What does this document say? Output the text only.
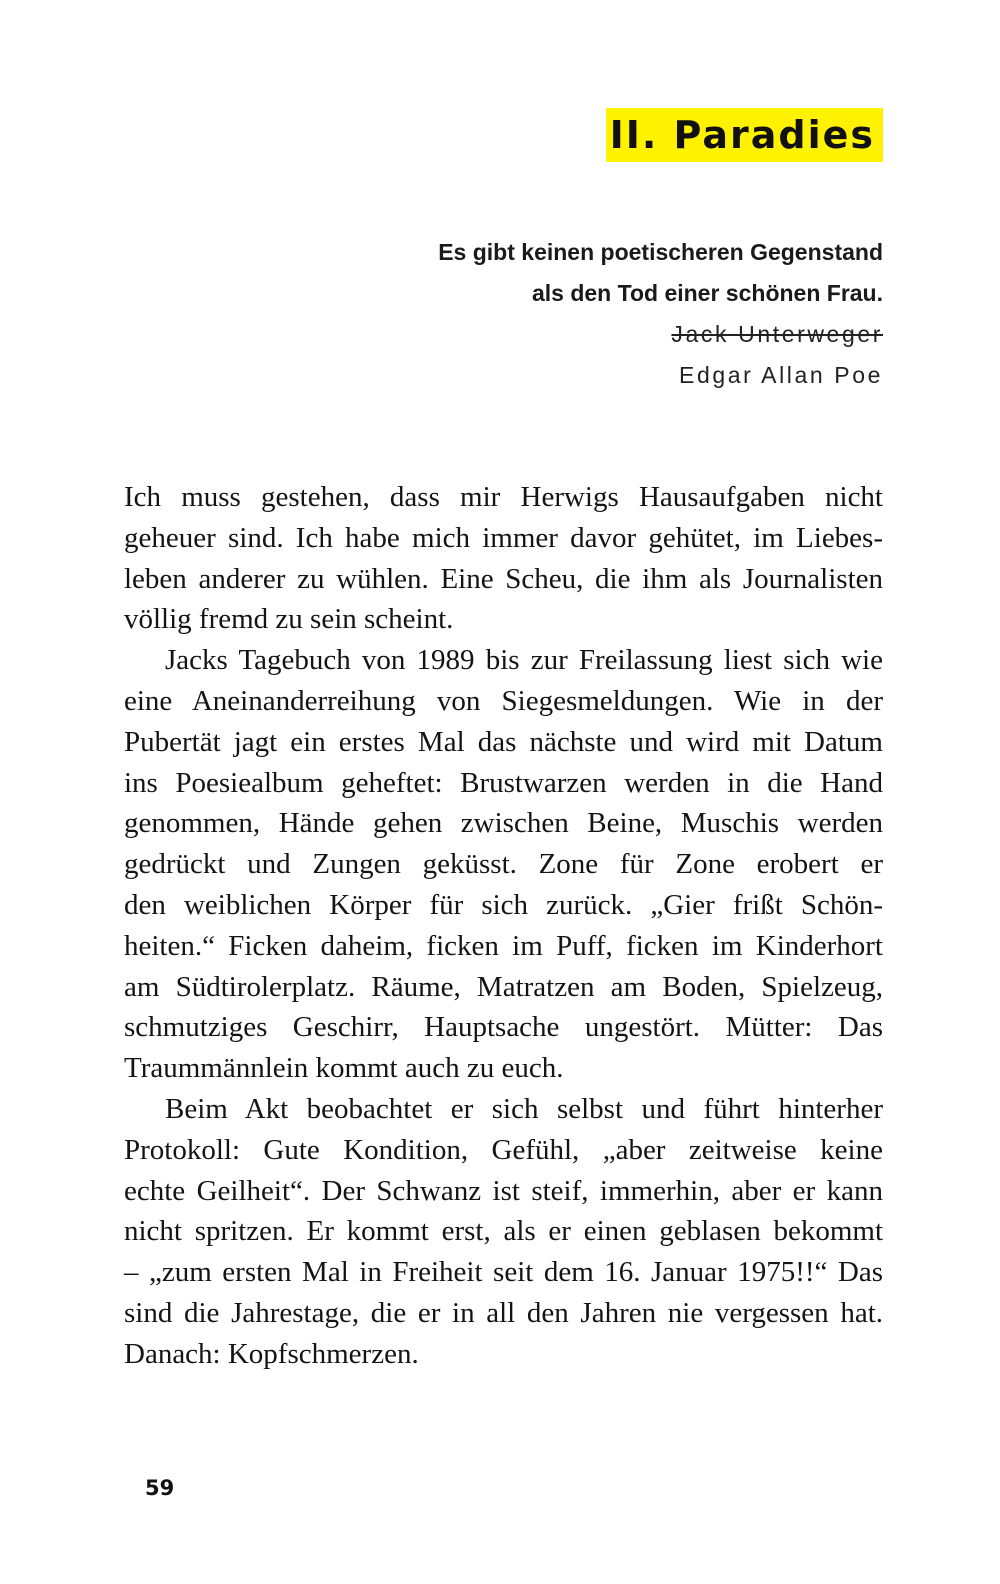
II. Paradies
Es gibt keinen poetischeren Gegenstand
als den Tod einer schönen Frau.
Jack Unterweger
Edgar Allan Poe

Ich muss gestehen, dass mir Herwigs Hausaufgaben nicht
geheuer sind. Ich habe mich immer davor gehütet, im Liebes-
leben anderer zu wühlen. Eine Scheu, die ihm als Journalisten
völlig fremd zu sein scheint.

Jacks Tagebuch von 1989 bis zur Freilassung liest sich wie
eine Aneinanderreihung von Siegesmeldungen. Wie in der
Pubertät jagt ein erstes Mal das nächste und wird mit Datum
ins Poesiealbum geheftet: Brustwarzen werden in die Hand
genommen, Hände gehen zwischen Beine, Muschis werden
gedrückt und Zungen geküsst. Zone für Zone erobert er
den weiblichen Körper für sich zurück. „Gier frißt Schön-
heiten.“ Ficken daheim, ficken im Puff, ficken im Kinderhort
am Südtirolerplatz. Räume, Matratzen am Boden, Spielzeug,
schmutziges Geschirr, Hauptsache ungestört. Mütter: Das
Traummännlein kommt auch zu euch.

Beim Akt beobachtet er sich selbst und führt hinterher
Protokoll: Gute Kondition, Gefühl, „aber zeitweise keine
echte Geilheit“. Der Schwanz ist steif, immerhin, aber er kann
nicht spritzen. Er kommt erst, als er einen geblasen bekommt
– „zum ersten Mal in Freiheit seit dem 16. Januar 1975!!“ Das
sind die Jahrestage, die er in all den Jahren nie vergessen hat.
Danach: Kopfschmerzen.

59
